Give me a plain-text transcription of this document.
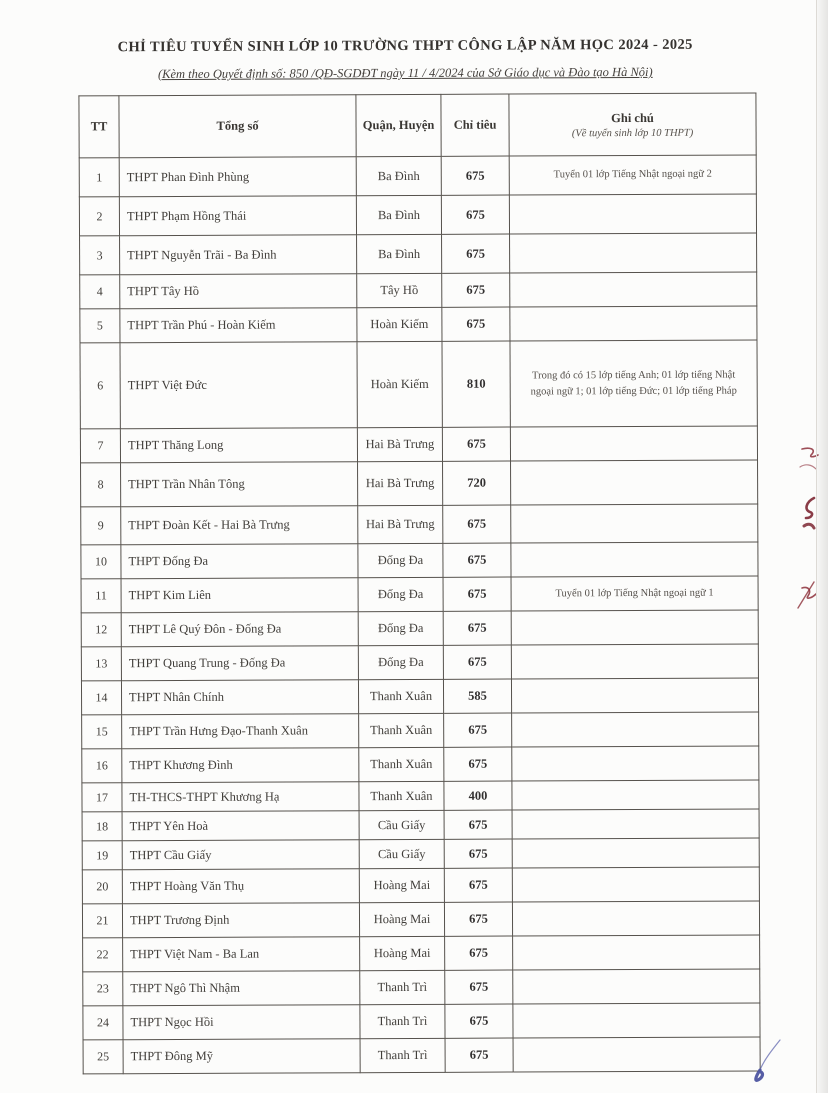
CHỈ TIÊU TUYỂN SINH LỚP 10 TRƯỜNG THPT CÔNG LẬP NĂM HỌC 2024 - 2025
(Kèm theo Quyết định số: 850 /QĐ-SGDĐT ngày 11 / 4/2024 của Sở Giáo dục và Đào tạo Hà Nội)
TT	Tổng số	Quận, Huyện	Chỉ tiêu	Ghi chú
(Về tuyển sinh lớp 10 THPT)

1	THPT Phan Đình Phùng	Ba Đình	675	Tuyển 01 lớp Tiếng Nhật ngoại ngữ 2
2	THPT Phạm Hồng Thái	Ba Đình	675	
3	THPT Nguyễn Trãi - Ba Đình	Ba Đình	675	
4	THPT Tây Hồ	Tây Hồ	675	
5	THPT Trần Phú - Hoàn Kiếm	Hoàn Kiếm	675	
6	THPT Việt Đức	Hoàn Kiếm	810	Trong đó có 15 lớp tiếng Anh; 01 lớp tiếng Nhật ngoại ngữ 1; 01 lớp tiếng Đức; 01 lớp tiếng Pháp
7	THPT Thăng Long	Hai Bà Trưng	675	
8	THPT Trần Nhân Tông	Hai Bà Trưng	720	
9	THPT Đoàn Kết - Hai Bà Trưng	Hai Bà Trưng	675	
10	THPT Đống Đa	Đống Đa	675	
11	THPT Kim Liên	Đống Đa	675	Tuyển 01 lớp Tiếng Nhật ngoại ngữ 1
12	THPT Lê Quý Đôn - Đống Đa	Đống Đa	675	
13	THPT Quang Trung - Đống Đa	Đống Đa	675	
14	THPT Nhân Chính	Thanh Xuân	585	
15	THPT Trần Hưng Đạo-Thanh Xuân	Thanh Xuân	675	
16	THPT Khương Đình	Thanh Xuân	675	
17	TH-THCS-THPT Khương Hạ	Thanh Xuân	400	
18	THPT Yên Hoà	Cầu Giấy	675	
19	THPT Cầu Giấy	Cầu Giấy	675	
20	THPT Hoàng Văn Thụ	Hoàng Mai	675	
21	THPT Trương Định	Hoàng Mai	675	
22	THPT Việt Nam - Ba Lan	Hoàng Mai	675	
23	THPT Ngô Thì Nhậm	Thanh Trì	675	
24	THPT Ngọc Hồi	Thanh Trì	675	
25	THPT Đông Mỹ	Thanh Trì	675	
